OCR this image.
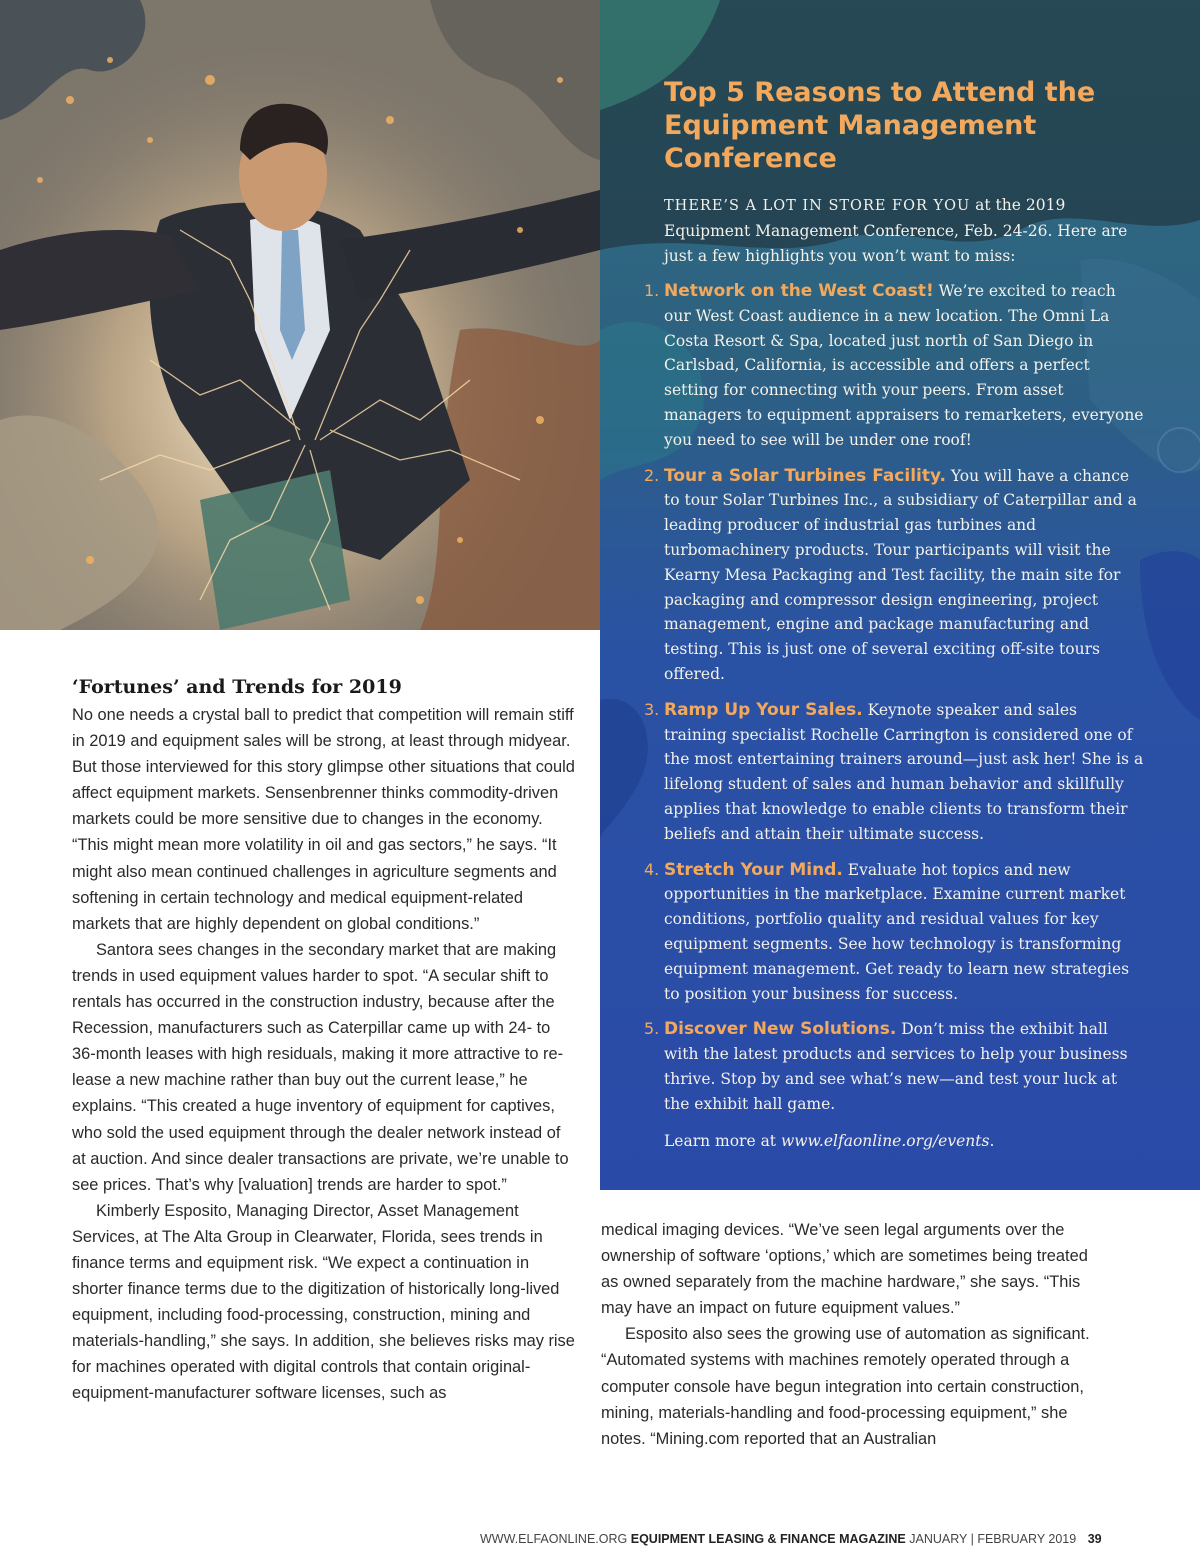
Top 5 Reasons to Attend the Equipment Management Conference

THERE’S A LOT IN STORE FOR YOU at the 2019 Equipment Management Conference, Feb. 24-26. Here are just a few highlights you won’t want to miss:

1. Network on the West Coast! We’re excited to reach our West Coast audience in a new location. The Omni La Costa Resort & Spa, located just north of San Diego in Carlsbad, California, is accessible and offers a perfect setting for connecting with your peers. From asset managers to equipment appraisers to remarketers, everyone you need to see will be under one roof!
2. Tour a Solar Turbines Facility. You will have a chance to tour Solar Turbines Inc., a subsidiary of Caterpillar and a leading producer of industrial gas turbines and turbomachinery products. Tour participants will visit the Kearny Mesa Packaging and Test facility, the main site for packaging and compressor design engineering, project management, engine and package manufacturing and testing. This is just one of several exciting off-site tours offered.
3. Ramp Up Your Sales. Keynote speaker and sales training specialist Rochelle Carrington is considered one of the most entertaining trainers around—just ask her! She is a lifelong student of sales and human behavior and skillfully applies that knowledge to enable clients to transform their beliefs and attain their ultimate success.
4. Stretch Your Mind. Evaluate hot topics and new opportunities in the marketplace. Examine current market conditions, portfolio quality and residual values for key equipment segments. See how technology is transforming equipment management. Get ready to learn new strategies to position your business for success.
5. Discover New Solutions. Don’t miss the exhibit hall with the latest products and services to help your business thrive. Stop by and see what’s new—and test your luck at the exhibit hall game.

Learn more at www.elfaonline.org/events.

‘Fortunes’ and Trends for 2019

No one needs a crystal ball to predict that competition will remain stiff in 2019 and equipment sales will be strong, at least through midyear. But those interviewed for this story glimpse other situations that could affect equipment markets. Sensenbrenner thinks commodity-driven markets could be more sensitive due to changes in the economy. “This might mean more volatility in oil and gas sectors,” he says. “It might also mean continued challenges in agriculture segments and softening in certain technology and medical equipment-related markets that are highly dependent on global conditions.”

Santora sees changes in the secondary market that are making trends in used equipment values harder to spot. “A secular shift to rentals has occurred in the construction industry, because after the Recession, manufacturers such as Caterpillar came up with 24- to 36-month leases with high residuals, making it more attractive to re-lease a new machine rather than buy out the current lease,” he explains. “This created a huge inventory of equipment for captives, who sold the used equipment through the dealer network instead of at auction. And since dealer transactions are private, we’re unable to see prices. That’s why [valuation] trends are harder to spot.”

Kimberly Esposito, Managing Director, Asset Management Services, at The Alta Group in Clearwater, Florida, sees trends in finance terms and equipment risk. “We expect a continuation in shorter finance terms due to the digitization of historically long-lived equipment, including food-processing, construction, mining and materials-handling,” she says. In addition, she believes risks may rise for machines operated with digital controls that contain original-equipment-manufacturer software licenses, such as

medical imaging devices. “We’ve seen legal arguments over the ownership of software ‘options,’ which are sometimes being treated as owned separately from the machine hardware,” she says. “This may have an impact on future equipment values.”

Esposito also sees the growing use of automation as significant. “Automated systems with machines remotely operated through a computer console have begun integration into certain construction, mining, materials-handling and food-processing equipment,” she notes. “Mining.com reported that an Australian

WWW.ELFAONLINE.ORG EQUIPMENT LEASING & FINANCE MAGAZINE JANUARY | FEBRUARY 2019 39
